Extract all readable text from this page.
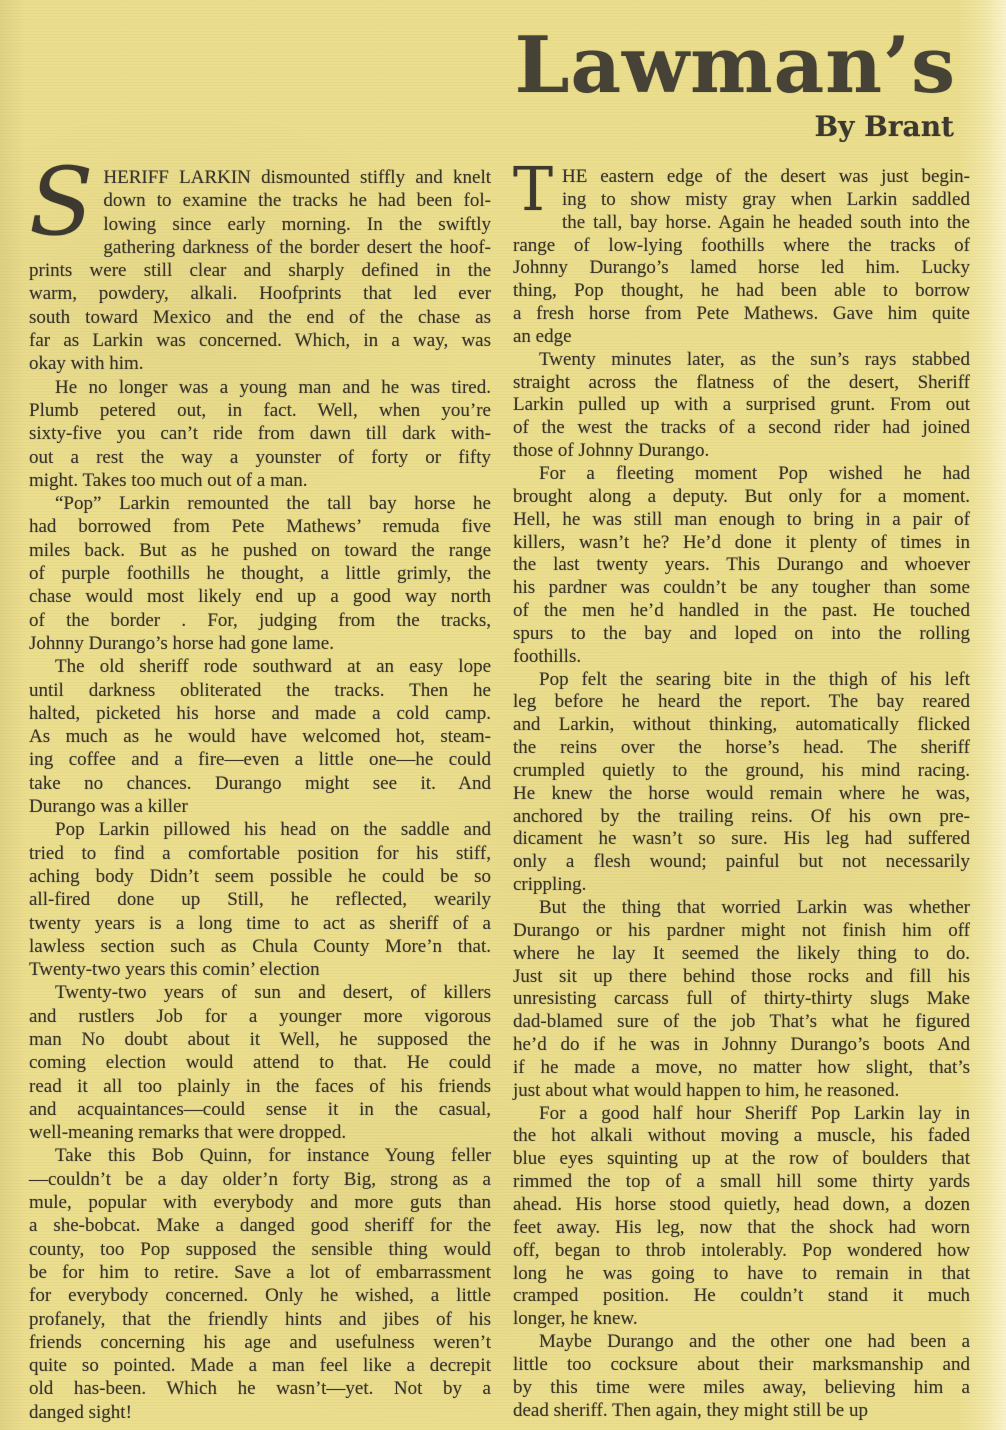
Lawman’s
By Brant
S HERIFF LARKIN dismounted stiffly and knelt
down to examine the tracks he had been fol-
lowing since early morning. In the swiftly
gathering darkness of the border desert the hoof-
prints were still clear and sharply defined in the
warm, powdery, alkali. Hoofprints that led ever
south toward Mexico and the end of the chase as
far as Larkin was concerned. Which, in a way, was
okay with him.
He no longer was a young man and he was tired.
Plumb petered out, in fact. Well, when you’re
sixty-five you can’t ride from dawn till dark with-
out a rest the way a younster of forty or fifty
might. Takes too much out of a man.
“Pop” Larkin remounted the tall bay horse he
had borrowed from Pete Mathews’ remuda five
miles back. But as he pushed on toward the range
of purple foothills he thought, a little grimly, the
chase would most likely end up a good way north
of the border . For, judging from the tracks,
Johnny Durango’s horse had gone lame.
The old sheriff rode southward at an easy lope
until darkness obliterated the tracks. Then he
halted, picketed his horse and made a cold camp.
As much as he would have welcomed hot, steam-
ing coffee and a fire—even a little one—he could
take no chances. Durango might see it. And
Durango was a killer
Pop Larkin pillowed his head on the saddle and
tried to find a comfortable position for his stiff,
aching body Didn’t seem possible he could be so
all-fired done up Still, he reflected, wearily
twenty years is a long time to act as sheriff of a
lawless section such as Chula County More’n that.
Twenty-two years this comin’ election
Twenty-two years of sun and desert, of killers
and rustlers Job for a younger more vigorous
man No doubt about it Well, he supposed the
coming election would attend to that. He could
read it all too plainly in the faces of his friends
and acquaintances—could sense it in the casual,
well-meaning remarks that were dropped.
Take this Bob Quinn, for instance Young feller
—couldn’t be a day older’n forty Big, strong as a
mule, popular with everybody and more guts than
a she-bobcat. Make a danged good sheriff for the
county, too Pop supposed the sensible thing would
be for him to retire. Save a lot of embarrassment
for everybody concerned. Only he wished, a little
profanely, that the friendly hints and jibes of his
friends concerning his age and usefulness weren’t
quite so pointed. Made a man feel like a decrepit
old has-been. Which he wasn’t—yet. Not by a
danged sight!
T HE eastern edge of the desert was just begin-
ing to show misty gray when Larkin saddled
the tall, bay horse. Again he headed south into the
range of low-lying foothills where the tracks of
Johnny Durango’s lamed horse led him. Lucky
thing, Pop thought, he had been able to borrow
a fresh horse from Pete Mathews. Gave him quite
an edge
Twenty minutes later, as the sun’s rays stabbed
straight across the flatness of the desert, Sheriff
Larkin pulled up with a surprised grunt. From out
of the west the tracks of a second rider had joined
those of Johnny Durango.
For a fleeting moment Pop wished he had
brought along a deputy. But only for a moment.
Hell, he was still man enough to bring in a pair of
killers, wasn’t he? He’d done it plenty of times in
the last twenty years. This Durango and whoever
his pardner was couldn’t be any tougher than some
of the men he’d handled in the past. He touched
spurs to the bay and loped on into the rolling
foothills.
Pop felt the searing bite in the thigh of his left
leg before he heard the report. The bay reared
and Larkin, without thinking, automatically flicked
the reins over the horse’s head. The sheriff
crumpled quietly to the ground, his mind racing.
He knew the horse would remain where he was,
anchored by the trailing reins. Of his own pre-
dicament he wasn’t so sure. His leg had suffered
only a flesh wound; painful but not necessarily
crippling.
But the thing that worried Larkin was whether
Durango or his pardner might not finish him off
where he lay It seemed the likely thing to do.
Just sit up there behind those rocks and fill his
unresisting carcass full of thirty-thirty slugs Make
dad-blamed sure of the job That’s what he figured
he’d do if he was in Johnny Durango’s boots And
if he made a move, no matter how slight, that’s
just about what would happen to him, he reasoned.
For a good half hour Sheriff Pop Larkin lay in
the hot alkali without moving a muscle, his faded
blue eyes squinting up at the row of boulders that
rimmed the top of a small hill some thirty yards
ahead. His horse stood quietly, head down, a dozen
feet away. His leg, now that the shock had worn
off, began to throb intolerably. Pop wondered how
long he was going to have to remain in that
cramped position. He couldn’t stand it much
longer, he knew.
Maybe Durango and the other one had been a
little too cocksure about their marksmanship and
by this time were miles away, believing him a
dead sheriff. Then again, they might still be up
